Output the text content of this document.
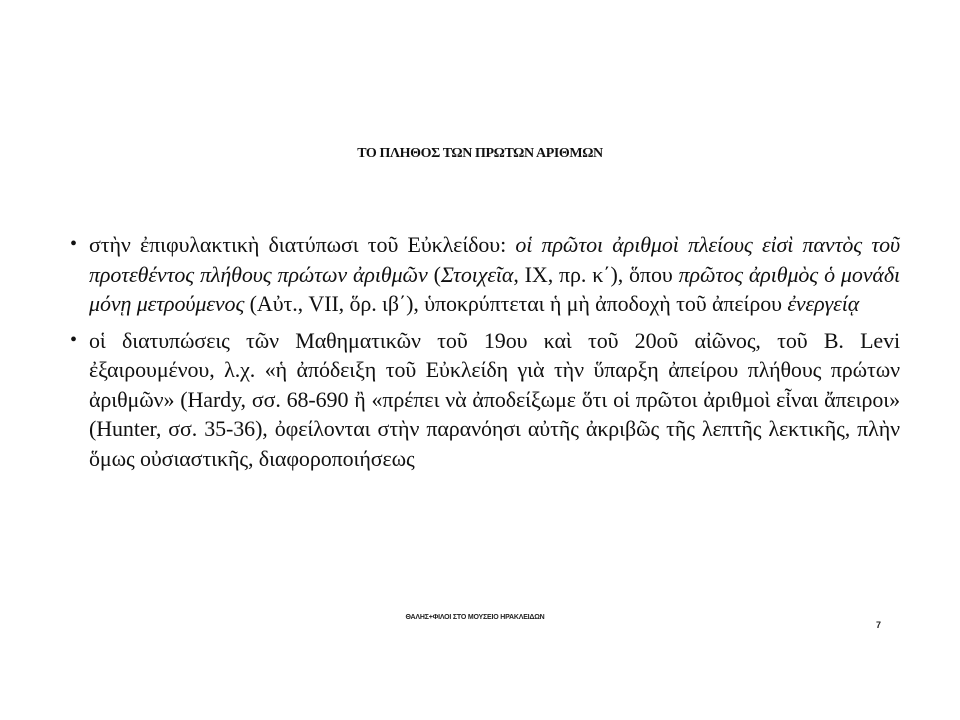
ΤΟ ΠΛΗΘΟΣ ΤΩΝ ΠΡΩΤΩΝ ΑΡΙΘΜΩΝ
• στὴν ἐπιφυλακτικὴ διατύπωσι τοῦ Εὐκλείδου: οἱ πρῶτοι ἀριθμοὶ πλείους εἰσὶ παντὸς τοῦ προτεθέντος πλήθους πρώτων ἀριθμῶν (Στοιχεῖα, IX, πρ. κ΄), ὅπου πρῶτος ἀριθμὸς ὁ μονάδι μόνῃ μετρούμενος (Αὐτ., VII, ὅρ. ιβ΄), ὑποκρύπτεται ἡ μὴ ἀποδοχὴ τοῦ ἀπείρου ἐνεργείᾳ
• οἱ διατυπώσεις τῶν Μαθηματικῶν τοῦ 19ου καὶ τοῦ 20οῦ αἰῶνος, τοῦ B. Levi ἐξαιρουμένου, λ.χ. «ἡ ἀπόδειξη τοῦ Εὐκλείδη γιὰ τὴν ὕπαρξη ἀπείρου πλήθους πρώτων ἀριθμῶν» (Hardy, σσ. 68-690 ἢ «πρέπει νὰ ἀποδείξωμε ὅτι οἱ πρῶτοι ἀριθμοὶ εἶναι ἄπειροι» (Hunter, σσ. 35-36), ὀφείλονται στὴν παρανόησι αὐτῆς ἀκριβῶς τῆς λεπτῆς λεκτικῆς, πλὴν ὅμως οὐσιαστικῆς, διαφοροποιήσεως
ΘΑΛΗΣ+ΦΙΛΟΙ ΣΤΟ ΜΟΥΣΕΙΟ ΗΡΑΚΛΕΙΔΩΝ
7
